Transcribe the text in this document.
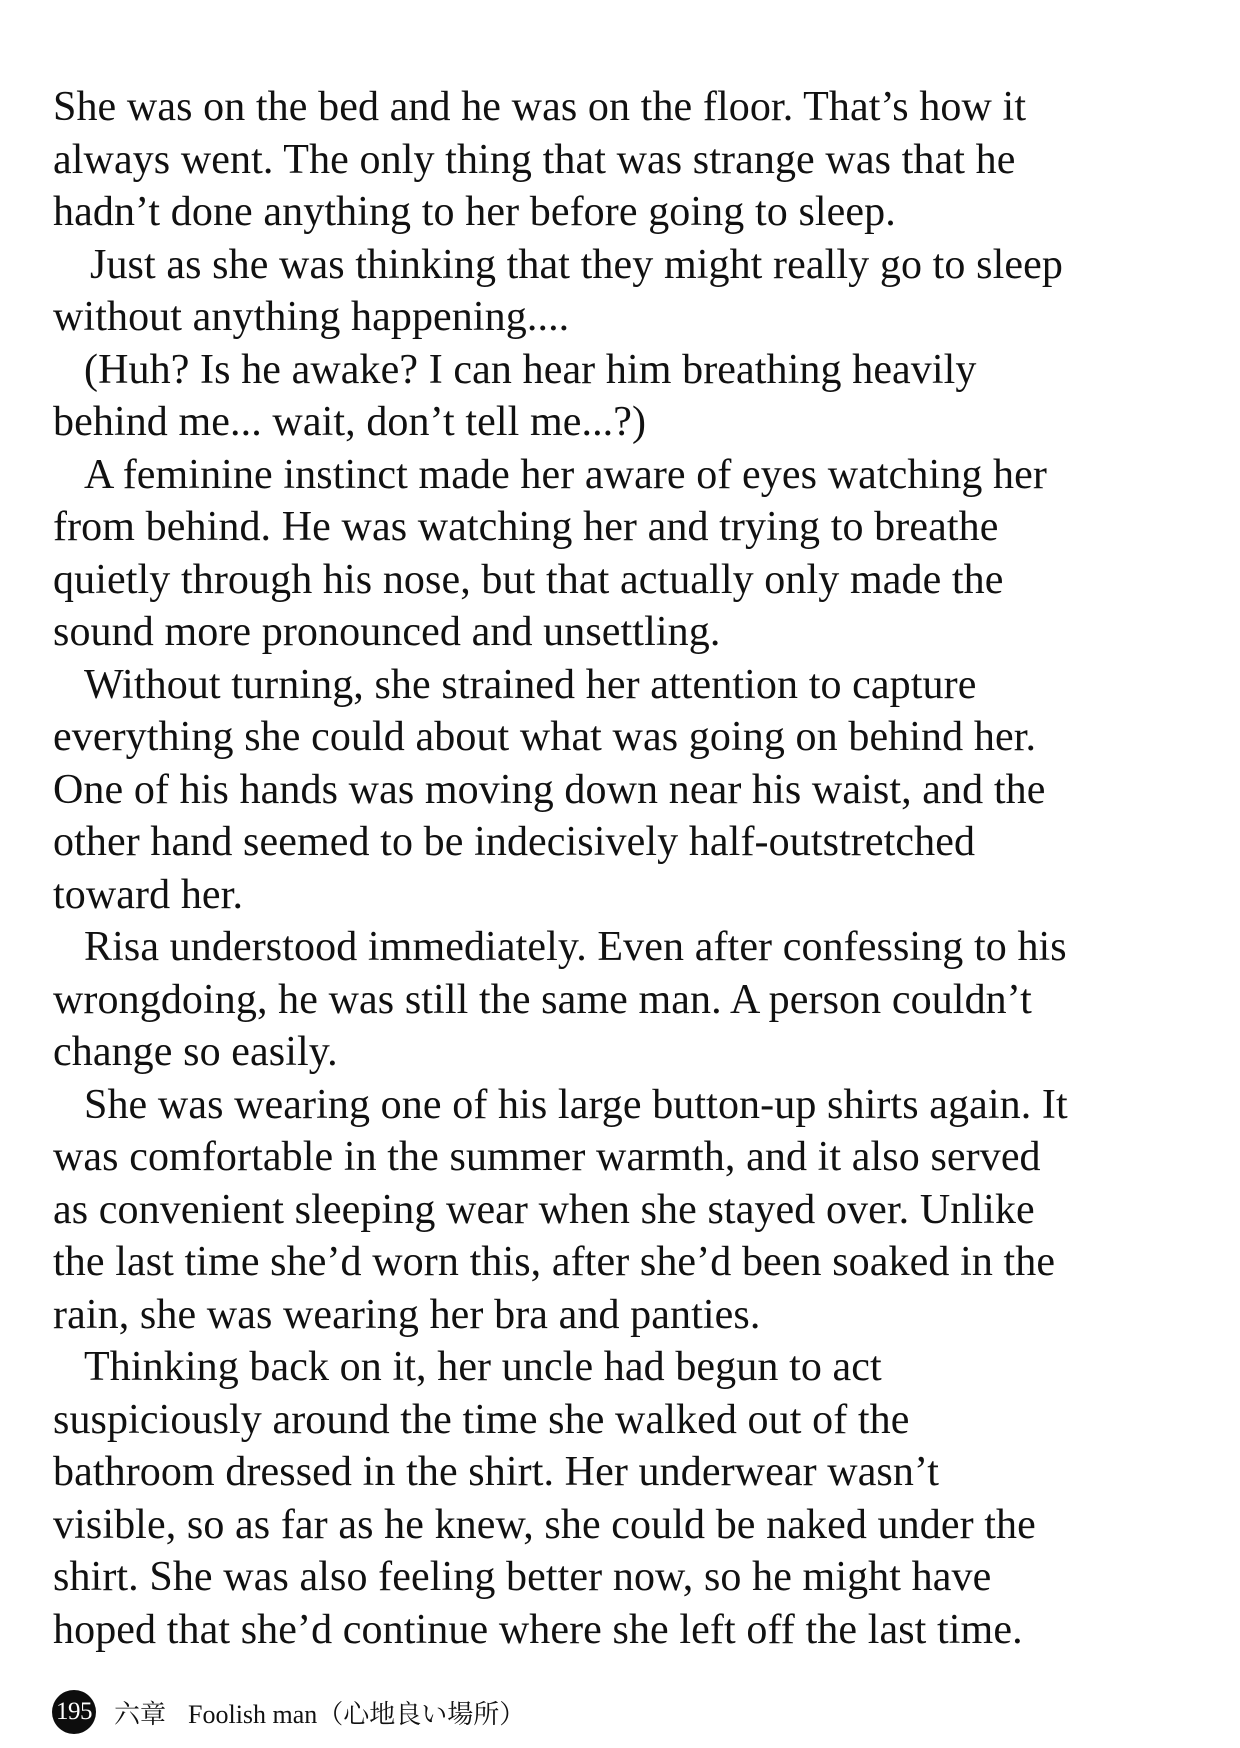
She was on the bed and he was on the floor. That’s how it
always went. The only thing that was strange was that he
hadn’t done anything to her before going to sleep.
Just as she was thinking that they might really go to sleep
without anything happening....
(Huh? Is he awake? I can hear him breathing heavily
behind me... wait, don’t tell me...?)
A feminine instinct made her aware of eyes watching her
from behind. He was watching her and trying to breathe
quietly through his nose, but that actually only made the
sound more pronounced and unsettling.
Without turning, she strained her attention to capture
everything she could about what was going on behind her.
One of his hands was moving down near his waist, and the
other hand seemed to be indecisively half-outstretched
toward her.
Risa understood immediately. Even after confessing to his
wrongdoing, he was still the same man. A person couldn’t
change so easily.
She was wearing one of his large button-up shirts again. It
was comfortable in the summer warmth, and it also served
as convenient sleeping wear when she stayed over. Unlike
the last time she’d worn this, after she’d been soaked in the
rain, she was wearing her bra and panties.
Thinking back on it, her uncle had begun to act
suspiciously around the time she walked out of the
bathroom dressed in the shirt. Her underwear wasn’t
visible, so as far as he knew, she could be naked under the
shirt. She was also feeling better now, so he might have
hoped that she’d continue where she left off the last time.
195 六章 Foolish man（心地良い場所）
